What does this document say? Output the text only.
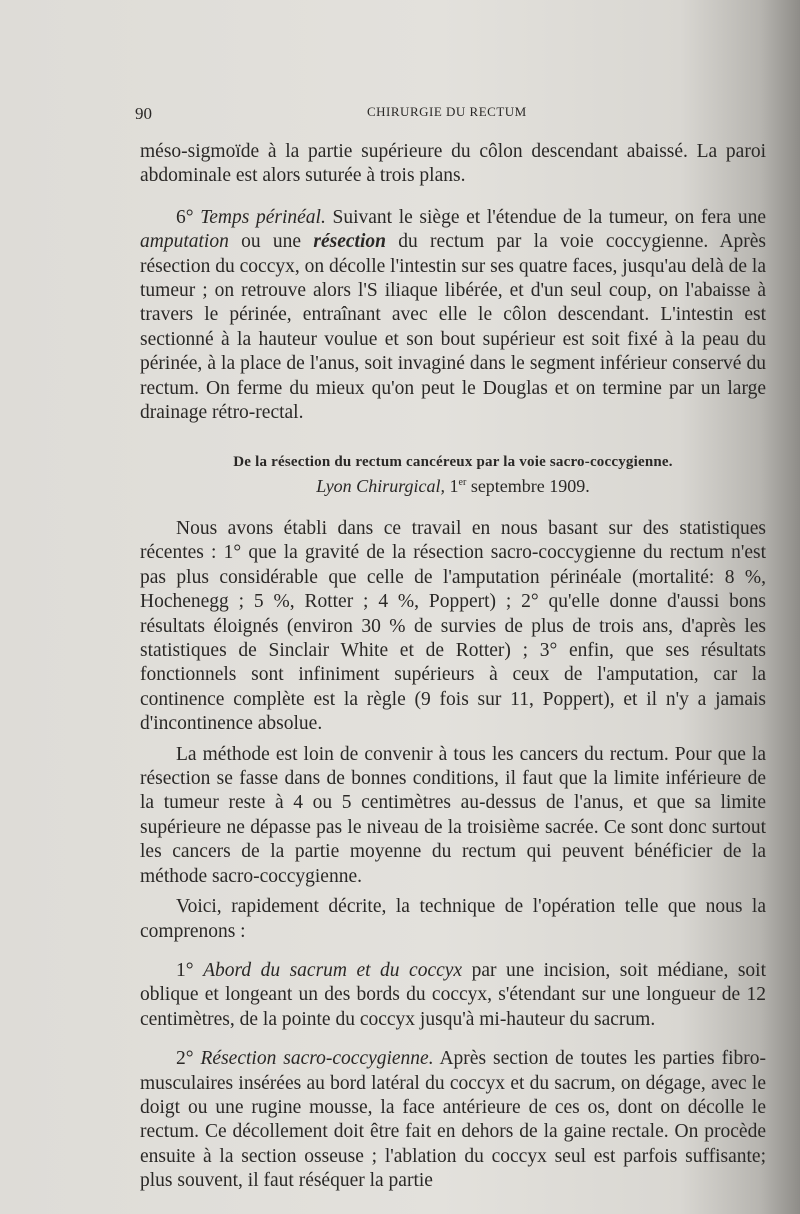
90	CHIRURGIE DU RECTUM

méso-sigmoïde à la partie supérieure du côlon descendant abaissé. La paroi abdominale est alors suturée à trois plans.

6° Temps périnéal. Suivant le siège et l'étendue de la tumeur, on fera une amputation ou une résection du rectum par la voie coccygienne. Après résection du coccyx, on décolle l'intestin sur ses quatre faces, jusqu'au delà de la tumeur ; on retrouve alors l'S iliaque libérée, et d'un seul coup, on l'abaisse à travers le périnée, entraînant avec elle le côlon descendant. L'intestin est sectionné à la hauteur voulue et son bout supérieur est soit fixé à la peau du périnée, à la place de l'anus, soit invaginé dans le segment inférieur conservé du rectum. On ferme du mieux qu'on peut le Douglas et on termine par un large drainage rétro-rectal.

De la résection du rectum cancéreux par la voie sacro-coccygienne.
Lyon Chirurgical, 1er septembre 1909.

Nous avons établi dans ce travail en nous basant sur des statistiques récentes : 1° que la gravité de la résection sacro-coccygienne du rectum n'est pas plus considérable que celle de l'amputation périnéale (mortalité: 8 %, Hochenegg ; 5 %, Rotter ; 4 %, Poppert) ; 2° qu'elle donne d'aussi bons résultats éloignés (environ 30 % de survies de plus de trois ans, d'après les statistiques de Sinclair White et de Rotter) ; 3° enfin, que ses résultats fonctionnels sont infiniment supérieurs à ceux de l'amputation, car la continence complète est la règle (9 fois sur 11, Poppert), et il n'y a jamais d'incontinence absolue.

La méthode est loin de convenir à tous les cancers du rectum. Pour que la résection se fasse dans de bonnes conditions, il faut que la limite inférieure de la tumeur reste à 4 ou 5 centimètres au-dessus de l'anus, et que sa limite supérieure ne dépasse pas le niveau de la troisième sacrée. Ce sont donc surtout les cancers de la partie moyenne du rectum qui peuvent bénéficier de la méthode sacro-coccygienne.

Voici, rapidement décrite, la technique de l'opération telle que nous la comprenons :

1° Abord du sacrum et du coccyx par une incision, soit médiane, soit oblique et longeant un des bords du coccyx, s'étendant sur une longueur de 12 centimètres, de la pointe du coccyx jusqu'à mi-hauteur du sacrum.

2° Résection sacro-coccygienne. Après section de toutes les parties fibro-musculaires insérées au bord latéral du coccyx et du sacrum, on dégage, avec le doigt ou une rugine mousse, la face antérieure de ces os, dont on décolle le rectum. Ce décollement doit être fait en dehors de la gaine rectale. On procède ensuite à la section osseuse ; l'ablation du coccyx seul est parfois suffisante; plus souvent, il faut réséquer la partie
